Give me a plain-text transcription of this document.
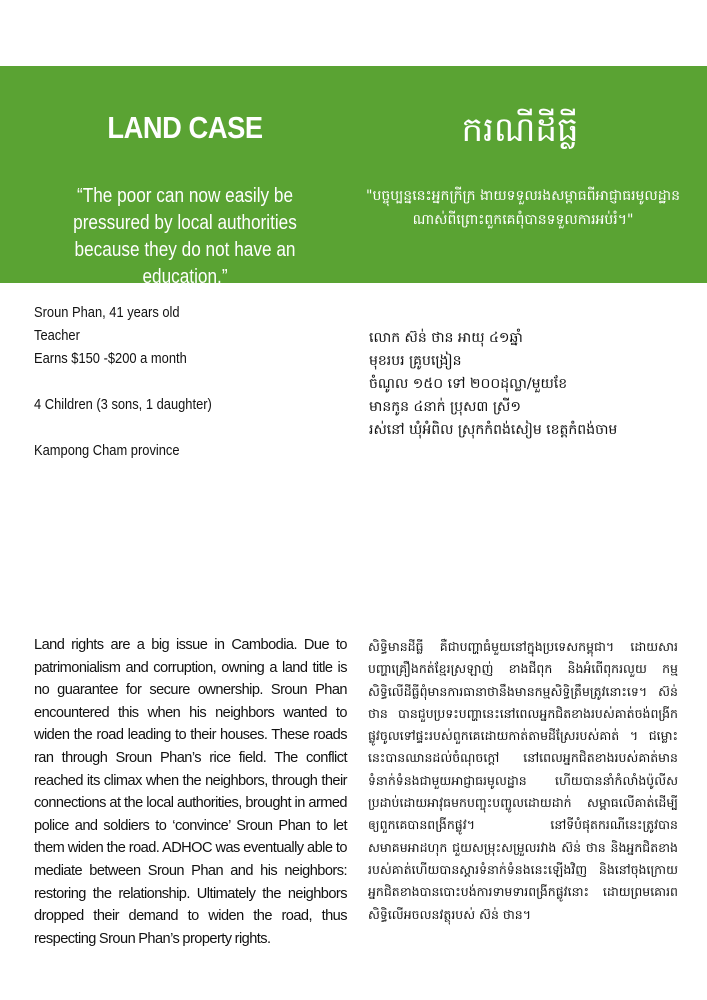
LAND CASE	ករណីដីធ្លី
“The poor can now easily be pressured by local authorities because they do not have an education.”
"បច្ចុប្បន្ននេះអ្នកក្រីក្រ ងាយទទួលរងសម្ពាធពីអាជ្ញាធរមូលដ្ឋានណាស់ពីព្រោះពួកគេពុំបានទទួលការអប់រំ។"
Sroun Phan, 41 years old
Teacher
Earns $150 -$200 a month
4 Children (3 sons, 1 daughter)
Kampong Cham province
លោក ស៊ន់ ថាន អាយុ ៤១ឆ្នាំ
មុខរបរ គ្រូបង្រៀន
ចំណូល ១៥០ ទៅ ២០០ដុល្លា/មួយខែ
មានកូន ៤នាក់ ប្រុស៣ ស្រី១
រស់នៅ ឃុំអំពិល ស្រុកកំពង់សៀម ខេត្តកំពង់ចាម
Land rights are a big issue in Cambodia. Due to patrimonialism and corruption, owning a land title is no guarantee for secure ownership. Sroun Phan encountered this when his neighbors wanted to widen the road leading to their houses. These roads ran through Sroun Phan’s rice field. The conflict reached its climax when the neighbors, through their connections at the local authorities, brought in armed police and soldiers to ‘convince’ Sroun Phan to let them widen the road. ADHOC was eventually able to mediate between Sroun Phan and his neighbors: restoring the relationship. Ultimately the neighbors dropped their demand to widen the road, thus respecting Sroun Phan’s property rights.
សិទ្ធិមានដីធ្លី គឺជាបញ្ហាធំមួយនៅក្នុងប្រទេសកម្ពុជា។ ដោយសារ បញ្ហាគ្រឿងកត់ខ្មែរស្រឡាញ់ ខាងជីពុក និងអំពើពុករលួយ កម្មសិទ្ធិលើដីធ្លីពុំមានការធានាថានឹងមានកម្មសិទ្ធិត្រឹមត្រូវនោះទេ។ ស៊ន់ ថាន បានជួបប្រទះបញ្ហានេះនៅពេលអ្នកជិតខាងរបស់គាត់ចង់ពង្រីកផ្លូវចូលទៅផ្ទះរបស់ពួកគេដោយកាត់តាមដីស្រែរបស់គាត់ ។ ជម្លោះនេះបានឈានដល់ចំណុចក្តៅ នៅពេលអ្នកជិតខាងរបស់គាត់មានទំនាក់ទំនងជាមួយអាជ្ញាធរមូលដ្ឋាន ហើយបាននាំកំលាំងប៉ូលីស ប្រដាប់ដោយអាវុធមកបញ្ចុះបញ្ចូលដោយដាក់ សម្ពាធលើគាត់ដើម្បីឲ្យពួកគេបានពង្រីកផ្លូវ។ នៅទីបំផុតករណីនេះត្រូវបានសមាគមអាដហុក ជួយសម្រុះសម្រួលរវាង ស៊ន់ ថាន និងអ្នកជិតខាងរបស់គាត់ហើយបានស្តារទំនាក់ទំនងនេះឡើងវិញ និងនៅចុងក្រោយអ្នកជិតខាងបានបោះបង់ការទាមទារពង្រីកផ្លូវនោះ ដោយព្រមគោរពសិទ្ធិលើអចលនវត្ថុរបស់ ស៊ន់ ថាន។
